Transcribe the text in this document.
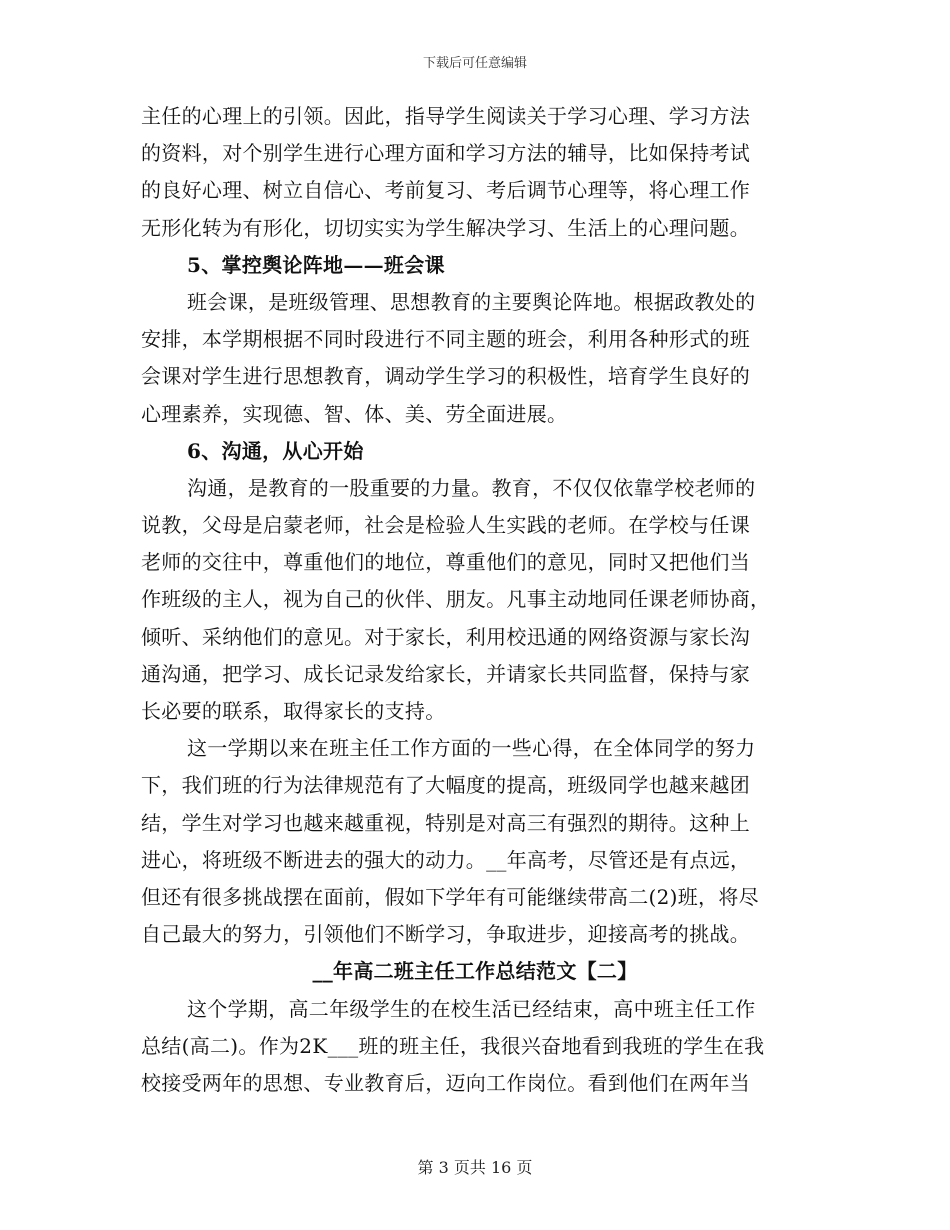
下载后可任意编辑
主任的心理上的引领。因此，指导学生阅读关于学习心理、学习方法
的资料，对个别学生进行心理方面和学习方法的辅导，比如保持考试
的良好心理、树立自信心、考前复习、考后调节心理等，将心理工作
无形化转为有形化，切切实实为学生解决学习、生活上的心理问题。
5、掌控舆论阵地——班会课
班会课，是班级管理、思想教育的主要舆论阵地。根据政教处的
安排，本学期根据不同时段进行不同主题的班会，利用各种形式的班
会课对学生进行思想教育，调动学生学习的积极性，培育学生良好的
心理素养，实现德、智、体、美、劳全面进展。
6、沟通，从心开始
沟通，是教育的一股重要的力量。教育，不仅仅依靠学校老师的
说教，父母是启蒙老师，社会是检验人生实践的老师。在学校与任课
老师的交往中，尊重他们的地位，尊重他们的意见，同时又把他们当
作班级的主人，视为自己的伙伴、朋友。凡事主动地同任课老师协商，
倾听、采纳他们的意见。对于家长，利用校迅通的网络资源与家长沟
通沟通，把学习、成长记录发给家长，并请家长共同监督，保持与家
长必要的联系，取得家长的支持。
这一学期以来在班主任工作方面的一些心得，在全体同学的努力
下，我们班的行为法律规范有了大幅度的提高，班级同学也越来越团
结，学生对学习也越来越重视，特别是对高三有强烈的期待。这种上
进心，将班级不断进去的强大的动力。__年高考，尽管还是有点远，
但还有很多挑战摆在面前，假如下学年有可能继续带高二(2)班，将尽
自己最大的努力，引领他们不断学习，争取进步，迎接高考的挑战。
__年高二班主任工作总结范文【二】
这个学期，高二年级学生的在校生活已经结束，高中班主任工作
总结(高二)。作为2K___班的班主任，我很兴奋地看到我班的学生在我
校接受两年的思想、专业教育后，迈向工作岗位。看到他们在两年当
第 3 页共 16 页
